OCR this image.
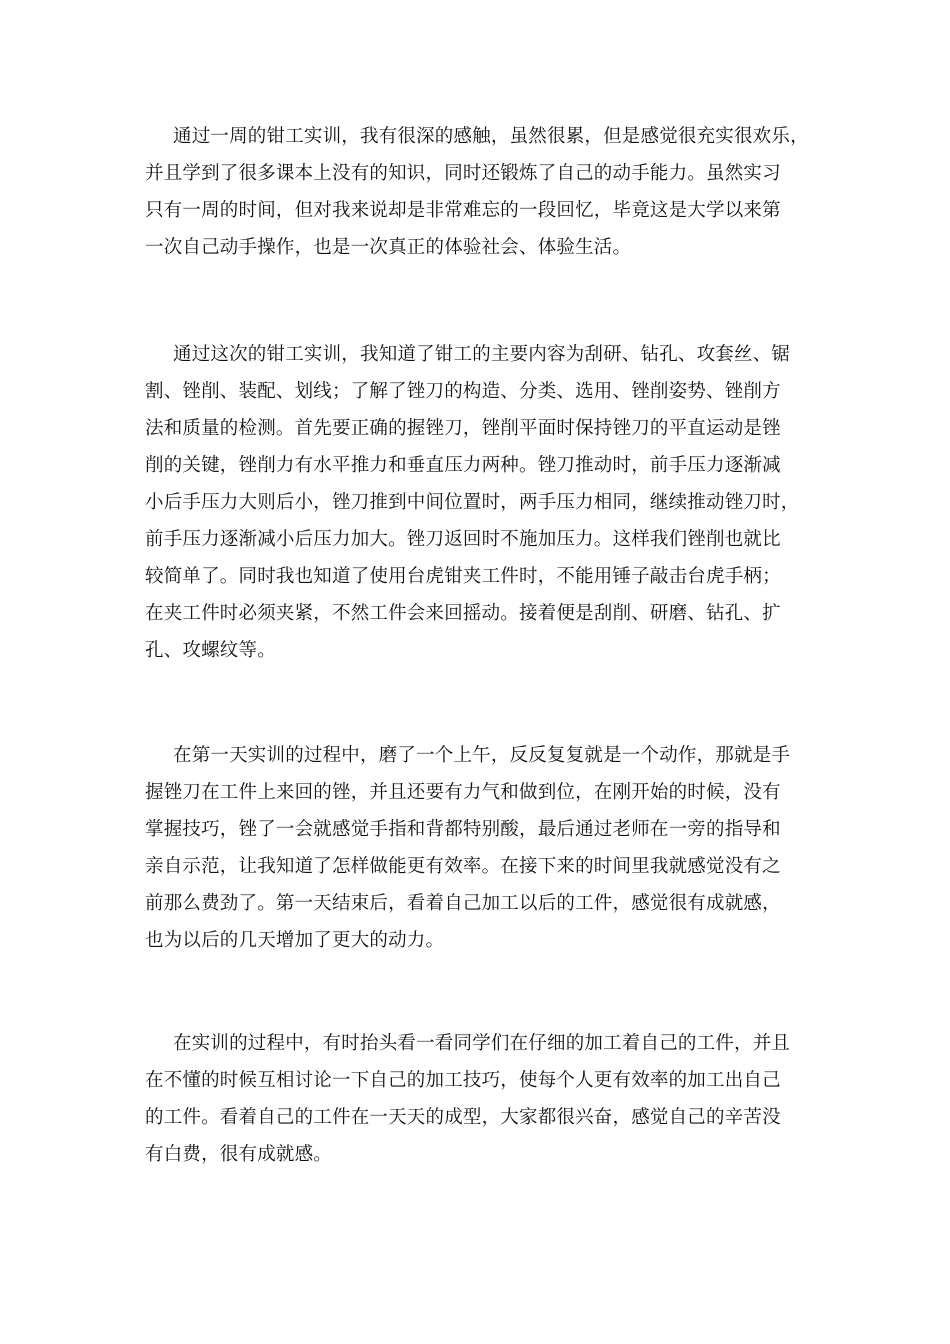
通过一周的钳工实训，我有很深的感触，虽然很累，但是感觉很充实很欢乐，
并且学到了很多课本上没有的知识，同时还锻炼了自己的动手能力。虽然实习
只有一周的时间，但对我来说却是非常难忘的一段回忆，毕竟这是大学以来第
一次自己动手操作，也是一次真正的体验社会、体验生活。
通过这次的钳工实训，我知道了钳工的主要内容为刮研、钻孔、攻套丝、锯
割、锉削、装配、划线；了解了锉刀的构造、分类、选用、锉削姿势、锉削方
法和质量的检测。首先要正确的握锉刀，锉削平面时保持锉刀的平直运动是锉
削的关键，锉削力有水平推力和垂直压力两种。锉刀推动时，前手压力逐渐减
小后手压力大则后小，锉刀推到中间位置时，两手压力相同，继续推动锉刀时，
前手压力逐渐减小后压力加大。锉刀返回时不施加压力。这样我们锉削也就比
较简单了。同时我也知道了使用台虎钳夹工件时，不能用锤子敲击台虎手柄；
在夹工件时必须夹紧，不然工件会来回摇动。接着便是刮削、研磨、钻孔、扩
孔、攻螺纹等。
在第一天实训的过程中，磨了一个上午，反反复复就是一个动作，那就是手
握锉刀在工件上来回的锉，并且还要有力气和做到位，在刚开始的时候，没有
掌握技巧，锉了一会就感觉手指和背都特别酸，最后通过老师在一旁的指导和
亲自示范，让我知道了怎样做能更有效率。在接下来的时间里我就感觉没有之
前那么费劲了。第一天结束后，看着自己加工以后的工件，感觉很有成就感，
也为以后的几天增加了更大的动力。
在实训的过程中，有时抬头看一看同学们在仔细的加工着自己的工件，并且
在不懂的时候互相讨论一下自己的加工技巧，使每个人更有效率的加工出自己
的工件。看着自己的工件在一天天的成型，大家都很兴奋，感觉自己的辛苦没
有白费，很有成就感。
